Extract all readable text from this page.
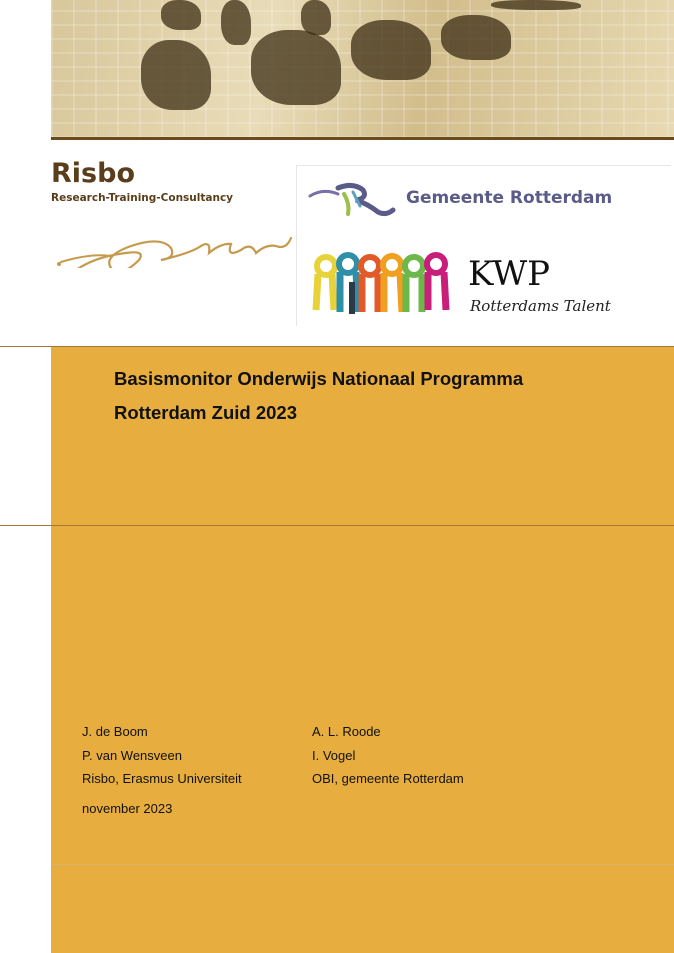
Risbo
Research-Training-Consultancy	Gemeente Rotterdam
KWP
Rotterdams Talent
Basismonitor Onderwijs Nationaal Programma
Rotterdam Zuid 2023
J. de Boom
P. van Wensveen
Risbo, Erasmus Universiteit
A. L. Roode
I. Vogel
OBI, gemeente Rotterdam
november 2023
